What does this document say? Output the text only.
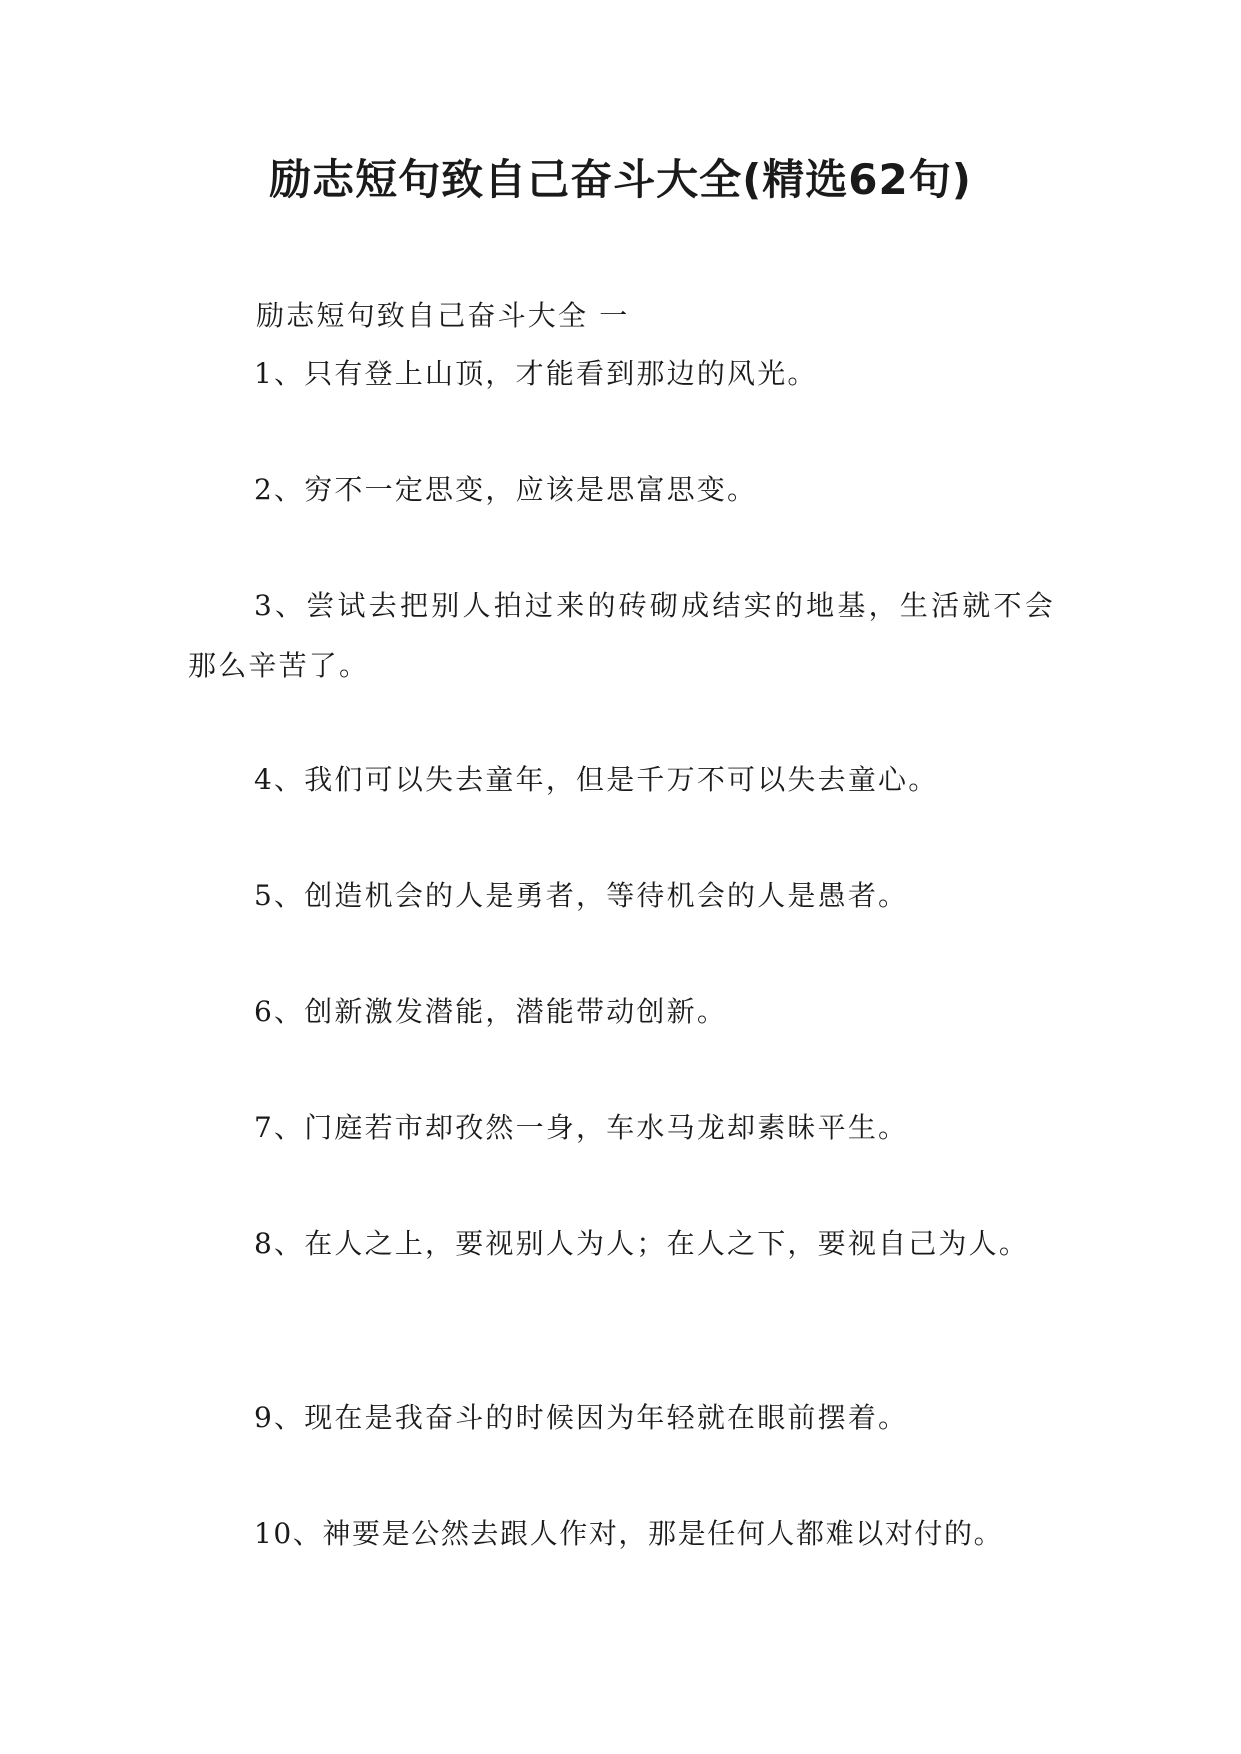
励志短句致自己奋斗大全(精选62句)
励志短句致自己奋斗大全 一

1、只有登上山顶，才能看到那边的风光。

2、穷不一定思变，应该是思富思变。

3、尝试去把别人拍过来的砖砌成结实的地基，生活就不会那么辛苦了。

4、我们可以失去童年，但是千万不可以失去童心。

5、创造机会的人是勇者，等待机会的人是愚者。

6、创新激发潜能，潜能带动创新。

7、门庭若市却孜然一身，车水马龙却素昧平生。

8、在人之上，要视别人为人；在人之下，要视自己为人。

9、现在是我奋斗的时候因为年轻就在眼前摆着。

10、神要是公然去跟人作对，那是任何人都难以对付的。
